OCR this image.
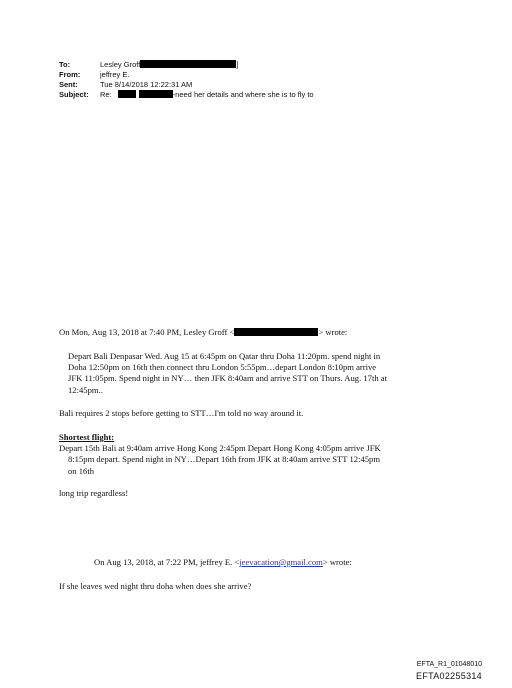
To:	Lesley Groff	]
From:	jeffrey E.
Sent:	Tue 8/14/2018 12:22:31 AM
Subject:	Re:	-need her details and where she is to fly to
On Mon, Aug 13, 2018 at 7:40 PM, Lesley Groff <	> wrote:
Depart Bali Denpasar Wed. Aug 15 at 6:45pm on Qatar thru Doha 11:20pm. spend night in
Doha 12:50pm on 16th then connect thru London 5:55pm…depart London 8:10pm arrive
JFK 11:05pm. Spend night in NY… then JFK 8:40am and arrive STT on Thurs. Aug. 17th at
12:45pm..
Bali requires 2 stops before getting to STT…I'm told no way around it.
Shortest flight:
Depart 15th Bali at 9:40am arrive Hong Kong 2:45pm Depart Hong Kong 4:05pm arrive JFK
8:15pm depart. Spend night in NY…Depart 16th from JFK at 8:40am arrive STT 12:45pm
on 16th
long trip regardless!
On Aug 13, 2018, at 7:22 PM, jeffrey E. <jeevacation@gmail.com> wrote:
If she leaves wed night thru doha when does she arrive?
EFTA_R1_01048010
EFTA02255314
